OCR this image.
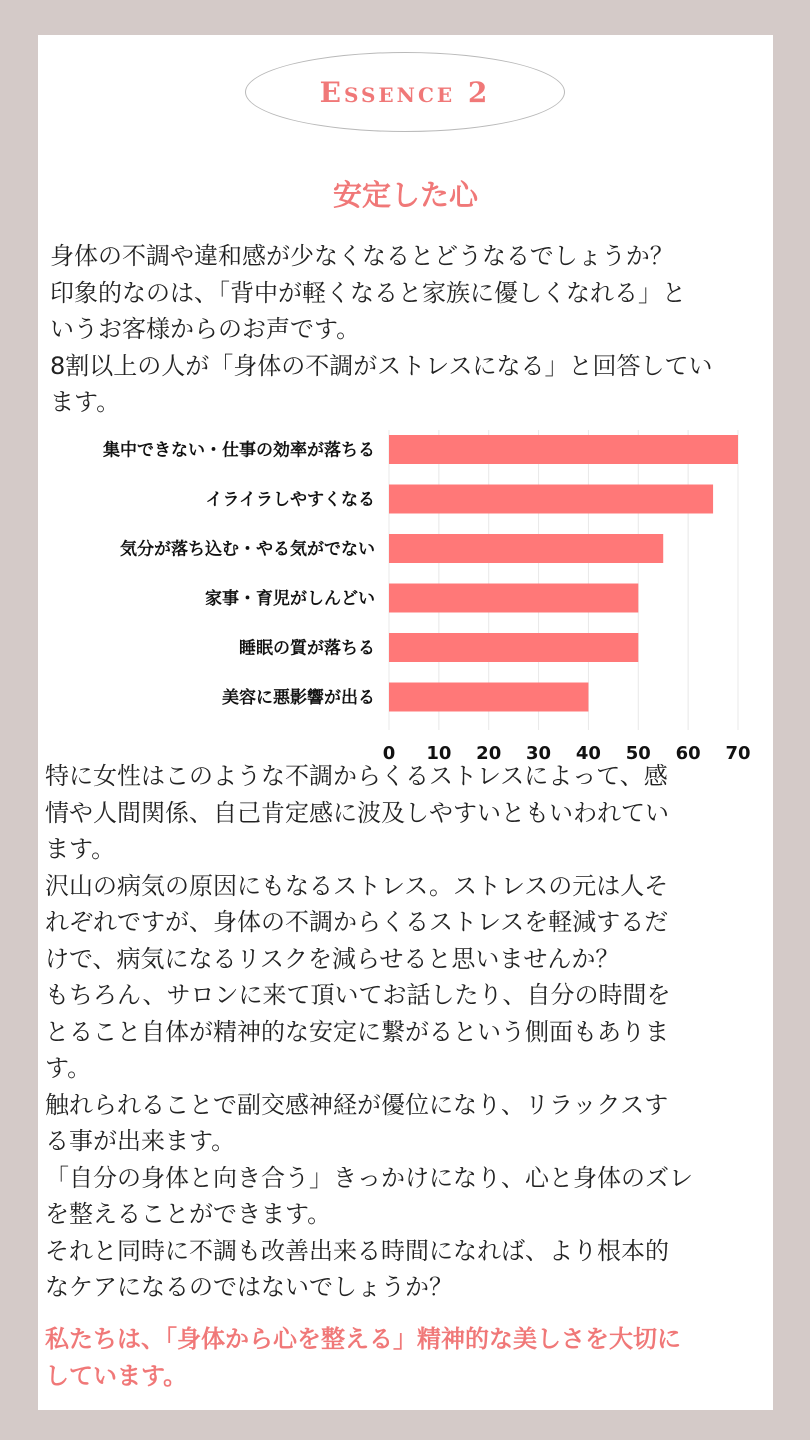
Essence 2
安定した心
身体の不調や違和感が少なくなるとどうなるでしょうか？
印象的なのは、「背中が軽くなると家族に優しくなれる」と
いうお客様からのお声です。
8割以上の人が「身体の不調がストレスになる」と回答してい
ます。
0 10 20 30 40 50 60 70
集中できない・仕事の効率が落ちる
イライラしやすくなる
気分が落ち込む・やる気がでない
家事・育児がしんどい
睡眠の質が落ちる
美容に悪影響が出る
特に女性はこのような不調からくるストレスによって、感
情や人間関係、自己肯定感に波及しやすいともいわれてい
ます。
沢山の病気の原因にもなるストレス。ストレスの元は人そ
れぞれですが、身体の不調からくるストレスを軽減するだ
けで、病気になるリスクを減らせると思いませんか？
もちろん、サロンに来て頂いてお話したり、自分の時間を
とること自体が精神的な安定に繋がるという側面もありま
す。
触れられることで副交感神経が優位になり、リラックスす
る事が出来ます。
「自分の身体と向き合う」きっかけになり、心と身体のズレ
を整えることができます。
それと同時に不調も改善出来る時間になれば、より根本的
なケアになるのではないでしょうか？
私たちは、「身体から心を整える」精神的な美しさを大切に
しています。
